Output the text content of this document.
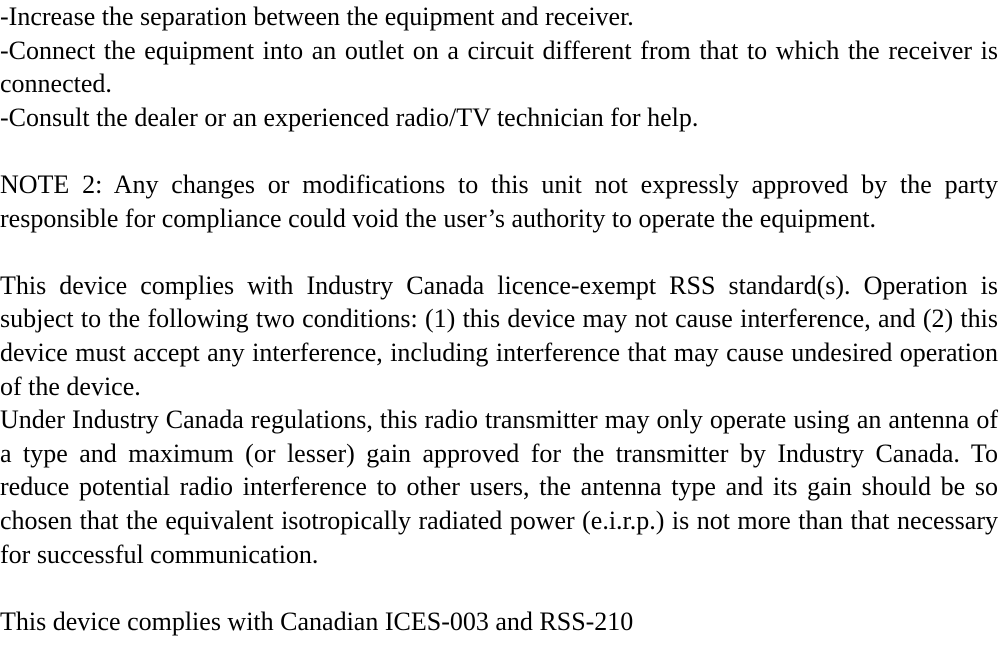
-Increase the separation between the equipment and receiver.

-Connect the equipment into an outlet on a circuit different from that to which the receiver is connected.

-Consult the dealer or an experienced radio/TV technician for help.

NOTE 2: Any changes or modifications to this unit not expressly approved by the party responsible for compliance could void the user’s authority to operate the equipment.

This device complies with Industry Canada licence-exempt RSS standard(s). Operation is subject to the following two conditions: (1) this device may not cause interference, and (2) this device must accept any interference, including interference that may cause undesired operation of the device.

Under Industry Canada regulations, this radio transmitter may only operate using an antenna of a type and maximum (or lesser) gain approved for the transmitter by Industry Canada. To reduce potential radio interference to other users, the antenna type and its gain should be so chosen that the equivalent isotropically radiated power (e.i.r.p.) is not more than that necessary for successful communication.

This device complies with Canadian ICES-003 and RSS-210
